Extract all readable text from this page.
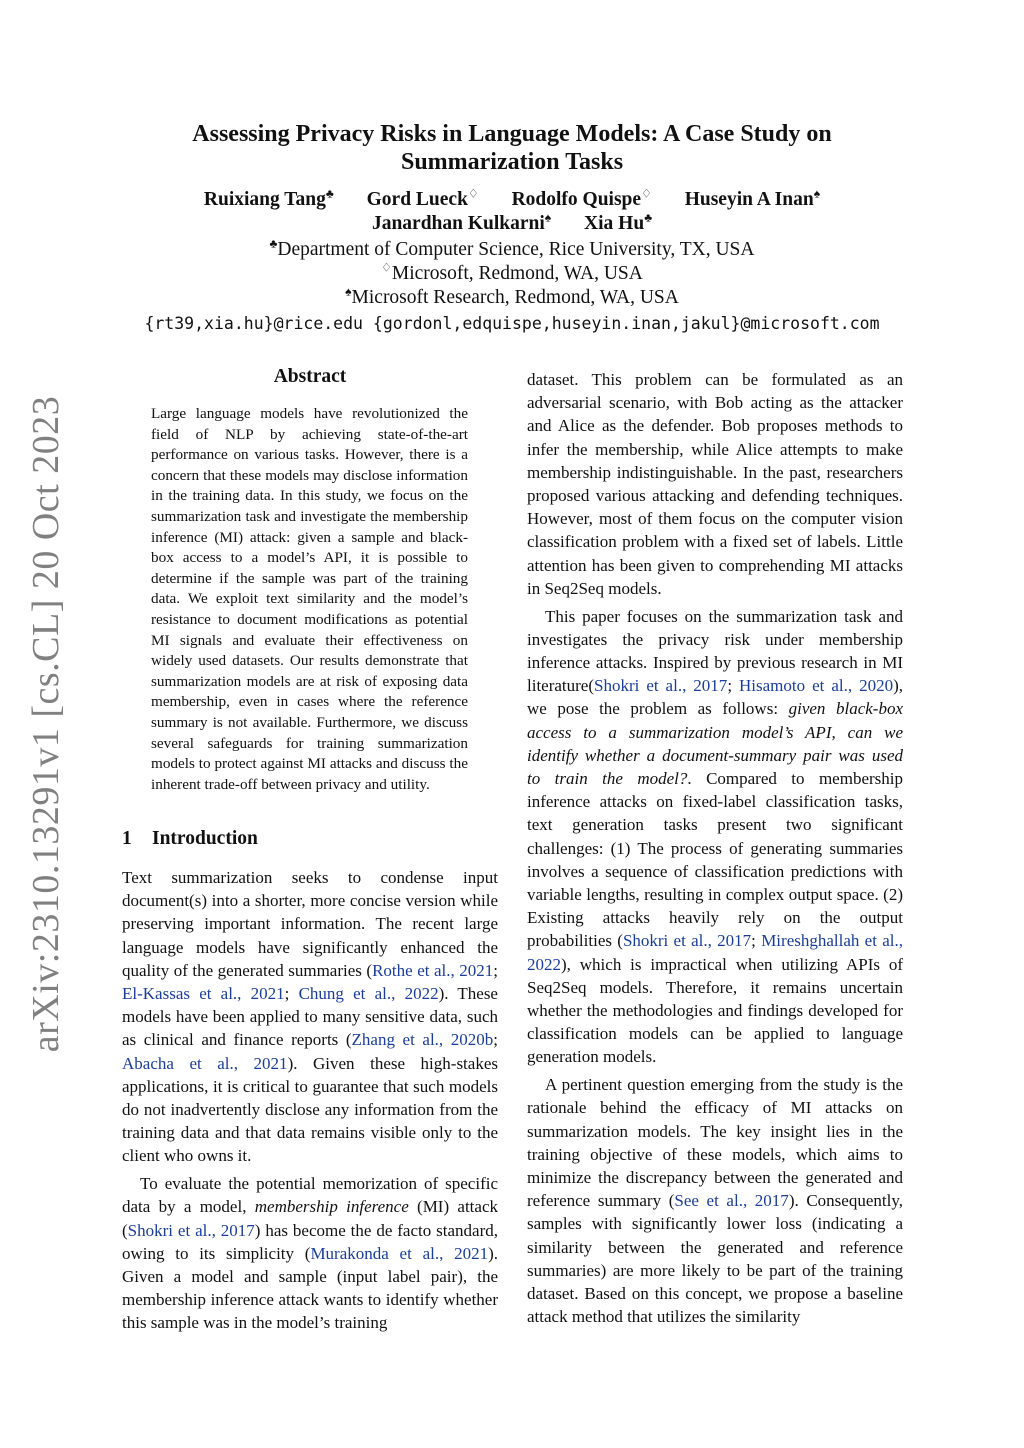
arXiv:2310.13291v1 [cs.CL] 20 Oct 2023
Assessing Privacy Risks in Language Models: A Case Study on
Summarization Tasks
Ruixiang Tang♣ Gord Lueck♢ Rodolfo Quispe♢ Huseyin A Inan♠
Janardhan Kulkarni♠ Xia Hu♣
♣Department of Computer Science, Rice University, TX, USA
♢Microsoft, Redmond, WA, USA
♠Microsoft Research, Redmond, WA, USA
{rt39,xia.hu}@rice.edu {gordonl,edquispe,huseyin.inan,jakul}@microsoft.com
Abstract
Large language models have revolutionized the field of NLP by achieving state-of-the-art performance on various tasks. However, there is a concern that these models may disclose information in the training data. In this study, we focus on the summarization task and investigate the membership inference (MI) attack: given a sample and black-box access to a model’s API, it is possible to determine if the sample was part of the training data. We exploit text similarity and the model’s resistance to document modifications as potential MI signals and evaluate their effectiveness on widely used datasets. Our results demonstrate that summarization models are at risk of exposing data membership, even in cases where the reference summary is not available. Furthermore, we discuss several safeguards for training summarization models to protect against MI attacks and discuss the inherent trade-off between privacy and utility.
1 Introduction

Text summarization seeks to condense input document(s) into a shorter, more concise version while preserving important information. The recent large language models have significantly enhanced the quality of the generated summaries (Rothe et al., 2021; El-Kassas et al., 2021; Chung et al., 2022). These models have been applied to many sensitive data, such as clinical and finance reports (Zhang et al., 2020b; Abacha et al., 2021). Given these high-stakes applications, it is critical to guarantee that such models do not inadvertently disclose any information from the training data and that data remains visible only to the client who owns it.

To evaluate the potential memorization of specific data by a model, membership inference (MI) attack (Shokri et al., 2017) has become the de facto standard, owing to its simplicity (Murakonda et al., 2021). Given a model and sample (input label pair), the membership inference attack wants to identify whether this sample was in the model’s training

dataset. This problem can be formulated as an adversarial scenario, with Bob acting as the attacker and Alice as the defender. Bob proposes methods to infer the membership, while Alice attempts to make membership indistinguishable. In the past, researchers proposed various attacking and defending techniques. However, most of them focus on the computer vision classification problem with a fixed set of labels. Little attention has been given to comprehending MI attacks in Seq2Seq models.

This paper focuses on the summarization task and investigates the privacy risk under membership inference attacks. Inspired by previous research in MI literature(Shokri et al., 2017; Hisamoto et al., 2020), we pose the problem as follows: given black-box access to a summarization model’s API, can we identify whether a document-summary pair was used to train the model?. Compared to membership inference attacks on fixed-label classification tasks, text generation tasks present two significant challenges: (1) The process of generating summaries involves a sequence of classification predictions with variable lengths, resulting in complex output space. (2) Existing attacks heavily rely on the output probabilities (Shokri et al., 2017; Mireshghallah et al., 2022), which is impractical when utilizing APIs of Seq2Seq models. Therefore, it remains uncertain whether the methodologies and findings developed for classification models can be applied to language generation models.

A pertinent question emerging from the study is the rationale behind the efficacy of MI attacks on summarization models. The key insight lies in the training objective of these models, which aims to minimize the discrepancy between the generated and reference summary (See et al., 2017). Consequently, samples with significantly lower loss (indicating a similarity between the generated and reference summaries) are more likely to be part of the training dataset. Based on this concept, we propose a baseline attack method that utilizes the similarity
